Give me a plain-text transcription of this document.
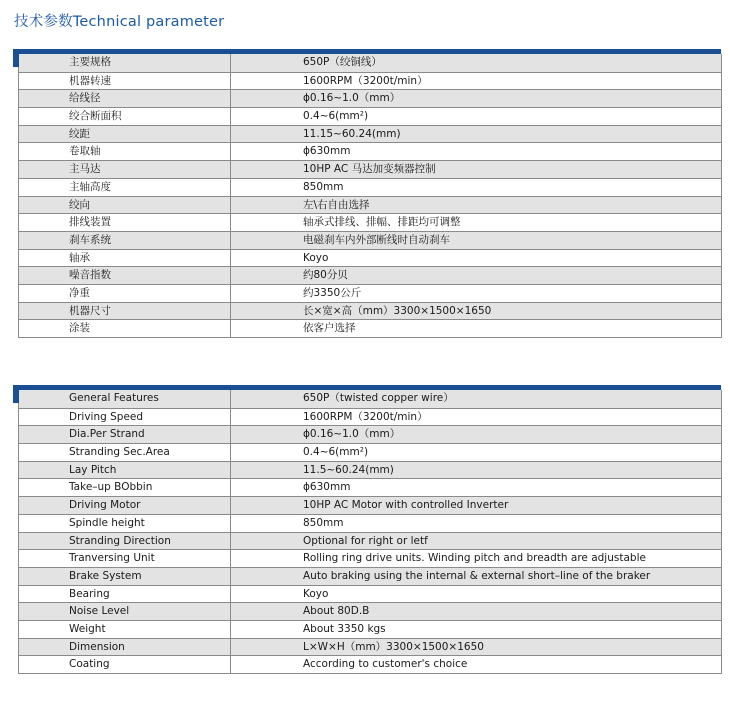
技术参数Technical parameter
主要规格	650P（绞铜线）
机器转速	1600RPM（3200t/min）
给线径	ϕ0.16~1.0（mm）
绞合断面积	0.4~6(mm²)
绞距	11.15~60.24(mm)
卷取轴	ϕ630mm
主马达	10HP AC 马达加变频器控制
主轴高度	850mm
绞向	左\右自由选择
排线装置	轴承式排线、排幅、排距均可调整
刹车系统	电磁刹车内外部断线时自动刹车
轴承	Koyo
噪音指数	约80分贝
净重	约3350公斤
机器尺寸	长×宽×高（mm）3300×1500×1650
涂装	依客户选择
General Features	650P（twisted copper wire）
Driving Speed	1600RPM（3200t/min）
Dia.Per Strand	ϕ0.16~1.0（mm）
Stranding Sec.Area	0.4~6(mm²)
Lay Pitch	11.5~60.24(mm)
Take–up BObbin	ϕ630mm
Driving Motor	10HP AC Motor with controlled Inverter
Spindle height	850mm
Stranding Direction	Optional for right or letf
Tranversing Unit	Rolling ring drive units. Winding pitch and breadth are adjustable
Brake System	Auto braking using the internal & external short–line of the braker
Bearing	Koyo
Noise Level	About 80D.B
Weight	About 3350 kgs
Dimension	L×W×H（mm）3300×1500×1650
Coating	According to customer's choice
